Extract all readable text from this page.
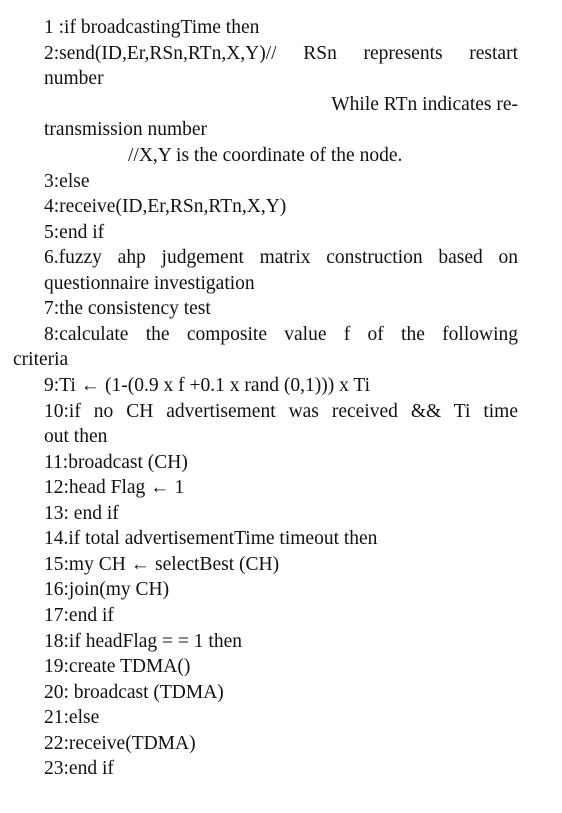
1 :if broadcastingTime then
2:send(ID,Er,RSn,RTn,X,Y)// RSn represents restart
number
While RTn indicates re-
transmission number
//X,Y is the coordinate of the node.
3:else
4:receive(ID,Er,RSn,RTn,X,Y)
5:end if
6.fuzzy ahp judgement matrix construction based on
questionnaire investigation
7:the consistency test
8:calculate the composite value f of the following
criteria
9:Ti ← (1-(0.9 x f +0.1 x rand (0,1))) x Ti
10:if no CH advertisement was received && Ti time
out then
11:broadcast (CH)
12:head Flag ← 1
13: end if
14.if total advertisementTime timeout then
15:my CH ← selectBest (CH)
16:join(my CH)
17:end if
18:if headFlag = = 1 then
19:create TDMA()
20: broadcast (TDMA)
21:else
22:receive(TDMA)
23:end if
